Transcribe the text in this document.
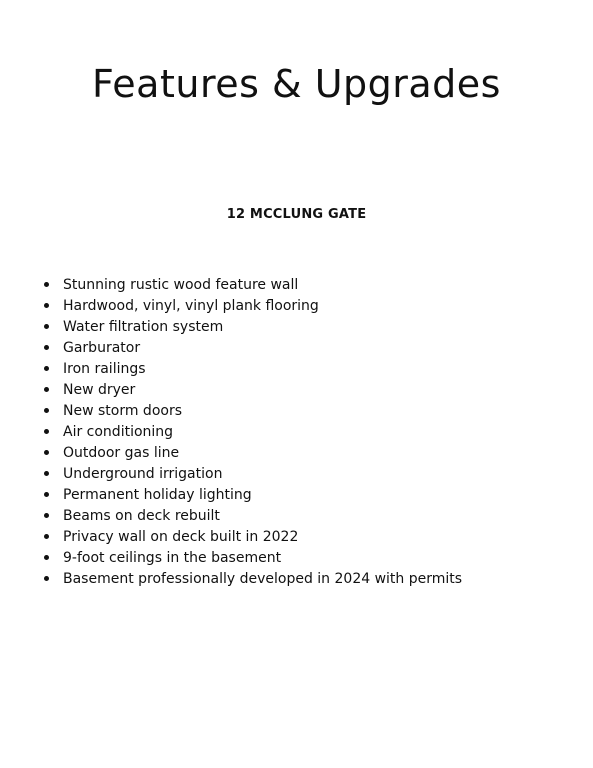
Features & Upgrades
12 MCCLUNG GATE
Stunning rustic wood feature wall
Hardwood, vinyl, vinyl plank flooring
Water filtration system
Garburator
Iron railings
New dryer
New storm doors
Air conditioning
Outdoor gas line
Underground irrigation
Permanent holiday lighting
Beams on deck rebuilt
Privacy wall on deck built in 2022
9-foot ceilings in the basement
Basement professionally developed in 2024 with permits
